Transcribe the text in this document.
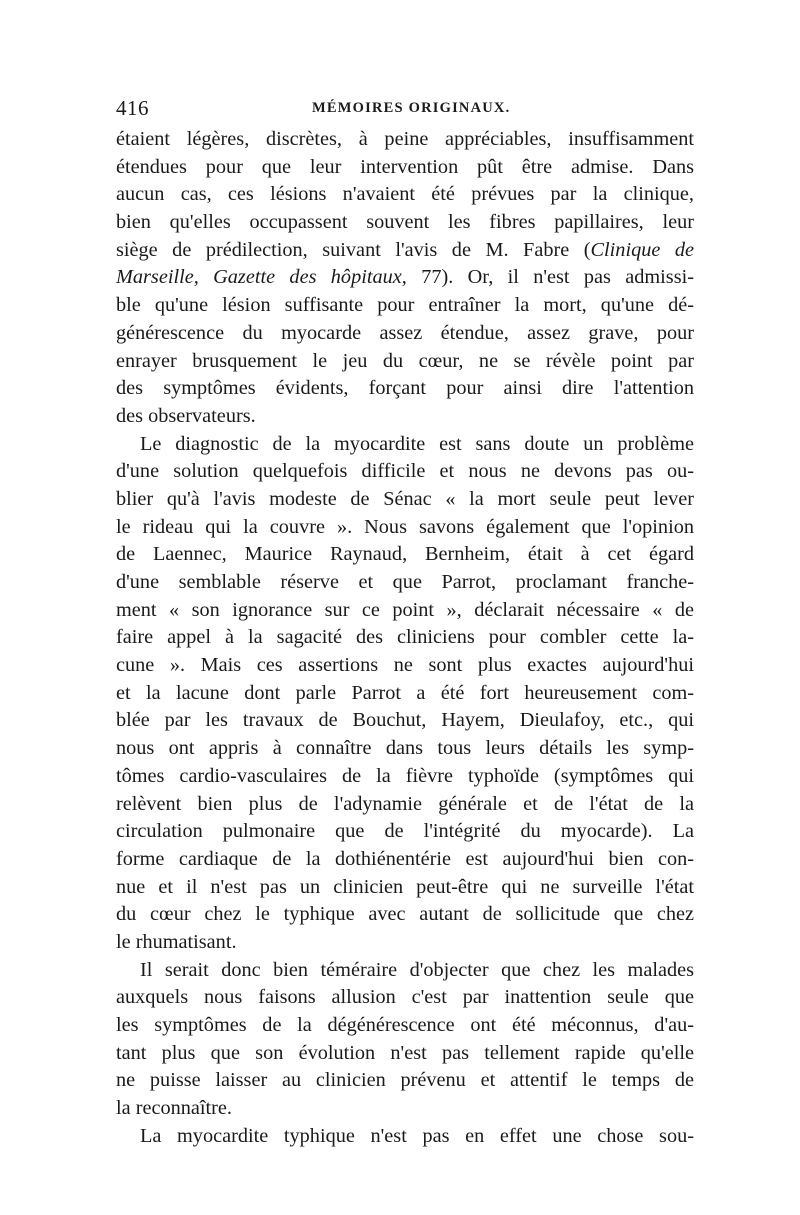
416	MÉMOIRES ORIGINAUX.
étaient légères, discrètes, à peine appréciables, insuffisamment
étendues pour que leur intervention pût être admise. Dans
aucun cas, ces lésions n'avaient été prévues par la clinique,
bien qu'elles occupassent souvent les fibres papillaires, leur
siège de prédilection, suivant l'avis de M. Fabre (Clinique de
Marseille, Gazette des hôpitaux, 77). Or, il n'est pas admissi-
ble qu'une lésion suffisante pour entraîner la mort, qu'une dé-
générescence du myocarde assez étendue, assez grave, pour
enrayer brusquement le jeu du cœur, ne se révèle point par
des symptômes évidents, forçant pour ainsi dire l'attention
des observateurs.
Le diagnostic de la myocardite est sans doute un problème
d'une solution quelquefois difficile et nous ne devons pas ou-
blier qu'à l'avis modeste de Sénac « la mort seule peut lever
le rideau qui la couvre ». Nous savons également que l'opinion
de Laennec, Maurice Raynaud, Bernheim, était à cet égard
d'une semblable réserve et que Parrot, proclamant franche-
ment « son ignorance sur ce point », déclarait nécessaire « de
faire appel à la sagacité des cliniciens pour combler cette la-
cune ». Mais ces assertions ne sont plus exactes aujourd'hui
et la lacune dont parle Parrot a été fort heureusement com-
blée par les travaux de Bouchut, Hayem, Dieulafoy, etc., qui
nous ont appris à connaître dans tous leurs détails les symp-
tômes cardio-vasculaires de la fièvre typhoïde (symptômes qui
relèvent bien plus de l'adynamie générale et de l'état de la
circulation pulmonaire que de l'intégrité du myocarde). La
forme cardiaque de la dothiénentérie est aujourd'hui bien con-
nue et il n'est pas un clinicien peut-être qui ne surveille l'état
du cœur chez le typhique avec autant de sollicitude que chez
le rhumatisant.
Il serait donc bien téméraire d'objecter que chez les malades
auxquels nous faisons allusion c'est par inattention seule que
les symptômes de la dégénérescence ont été méconnus, d'au-
tant plus que son évolution n'est pas tellement rapide qu'elle
ne puisse laisser au clinicien prévenu et attentif le temps de
la reconnaître.
La myocardite typhique n'est pas en effet une chose sou-
